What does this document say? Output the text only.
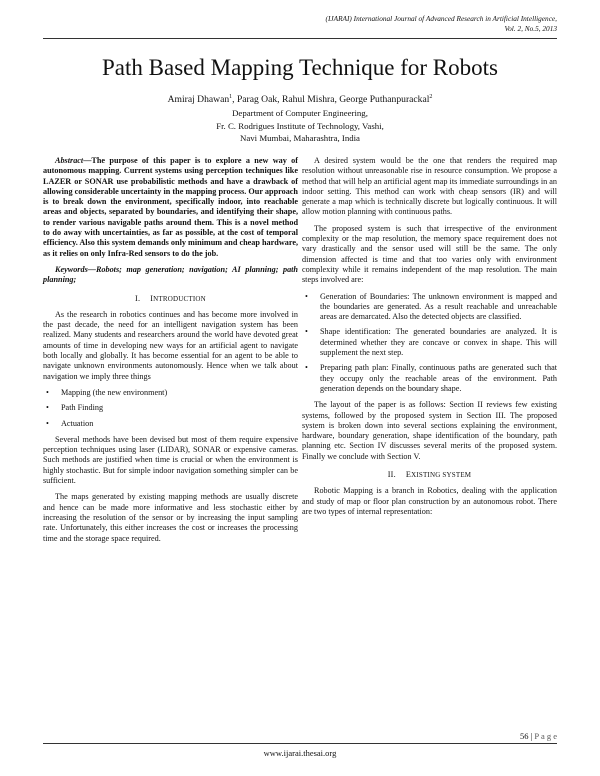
(IJARAI) International Journal of Advanced Research in Artificial Intelligence,
Vol. 2, No.5, 2013
Path Based Mapping Technique for Robots
Amiraj Dhawan$^1$, Parag Oak, Rahul Mishra, George Puthanpurackal$^2$
Department of Computer Engineering,
Fr. C. Rodrigues Institute of Technology, Vashi,
Navi Mumbai, Maharashtra, India

Abstract—The purpose of this paper is to explore a new way of autonomous mapping. Current systems using perception techniques like LAZER or SONAR use probabilistic methods and have a drawback of allowing considerable uncertainty in the mapping process. Our approach is to break down the environment, specifically indoor, into reachable areas and objects, separated by boundaries, and identifying their shape, to render various navigable paths around them. This is a novel method to do away with uncertainties, as far as possible, at the cost of temporal efficiency. Also this system demands only minimum and cheap hardware, as it relies on only Infra-Red sensors to do the job.

Keywords—Robots; map generation; navigation; AI planning; path planning;

I. INTRODUCTION

As the research in robotics continues and has become more involved in the past decade, the need for an intelligent navigation system has been realized. Many students and researchers around the world have devoted great amounts of time in developing new ways for an artificial agent to navigate both locally and globally. It has become essential for an agent to be able to navigate unknown environments autonomously. Hence when we talk about navigation we imply three things

• Mapping (the new environment)
• Path Finding
• Actuation

Several methods have been devised but most of them require expensive perception techniques using laser (LIDAR), SONAR or expensive cameras. Such methods are justified when time is crucial or when the environment is highly stochastic. But for simple indoor navigation something simpler can be sufficient.

The maps generated by existing mapping methods are usually discrete and hence can be made more informative and less stochastic either by increasing the resolution of the sensor or by increasing the input sampling rate. Unfortunately, this either increases the cost or increases the processing time and the storage space required.

A desired system would be the one that renders the required map resolution without unreasonable rise in resource consumption. We propose a method that will help an artificial agent map its immediate surroundings in an indoor setting. This method can work with cheap sensors (IR) and will generate a map which is technically discrete but logically continuous. It will allow motion planning with continuous paths.

The proposed system is such that irrespective of the environment complexity or the map resolution, the memory space requirement does not vary drastically and the sensor used will still be the same. The only dimension affected is time and that too varies only with environment complexity while it remains independent of the map resolution. The main steps involved are:

• Generation of Boundaries: The unknown environment is mapped and the boundaries are generated. As a result reachable and unreachable areas are demarcated. Also the detected objects are classified.
• Shape identification: The generated boundaries are analyzed. It is determined whether they are concave or convex in shape. This will supplement the next step.
• Preparing path plan: Finally, continuous paths are generated such that they occupy only the reachable areas of the environment. Path generation depends on the boundary shape.

The layout of the paper is as follows: Section II reviews few existing systems, followed by the proposed system in Section III. The proposed system is broken down into several sections explaining the environment, hardware, boundary generation, shape identification of the boundary, path planning etc. Section IV discusses several merits of the proposed system. Finally we conclude with Section V.

II. EXISTING SYSTEM

Robotic Mapping is a branch in Robotics, dealing with the application and study of map or floor plan construction by an autonomous robot. There are two types of internal representation:

56 | P a g e
www.ijarai.thesai.org
